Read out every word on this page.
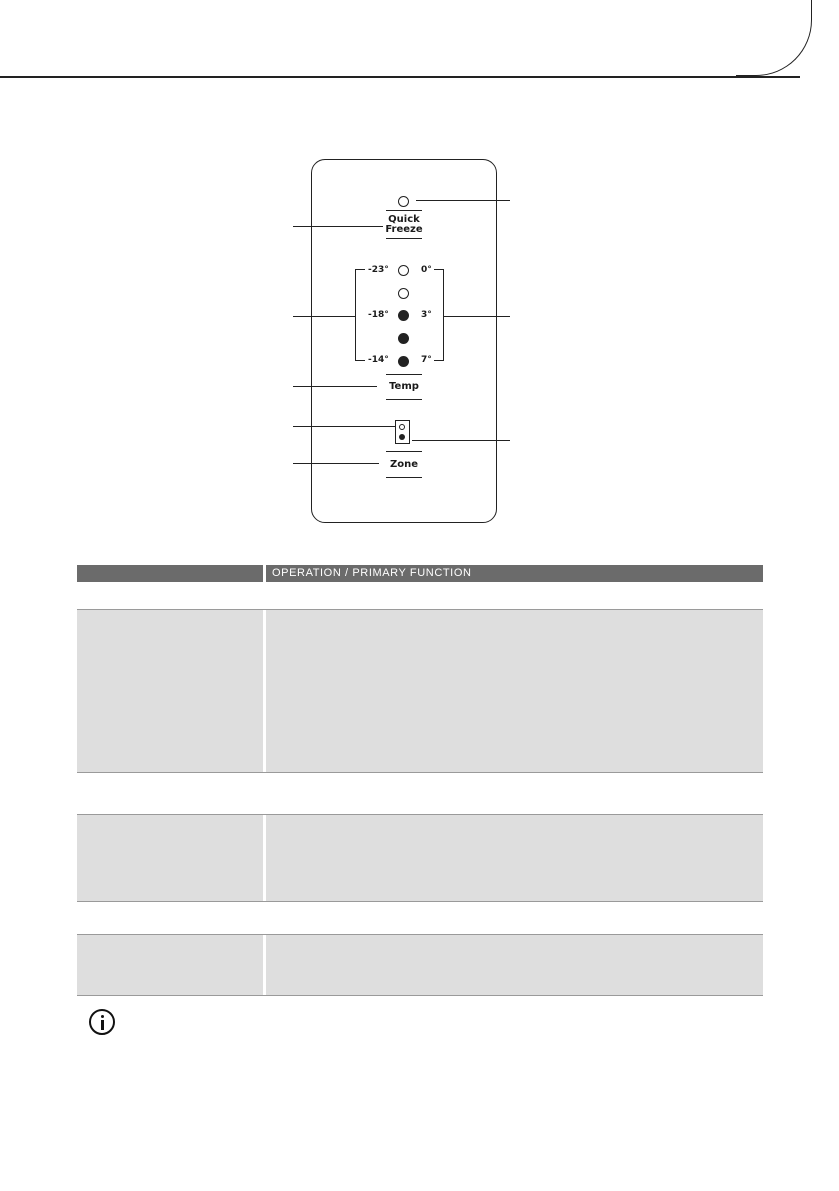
Quick
Freeze
-23°
-18°
-14°
0°
3°
7°
Temp
Zone
OPERATION / PRIMARY FUNCTION
